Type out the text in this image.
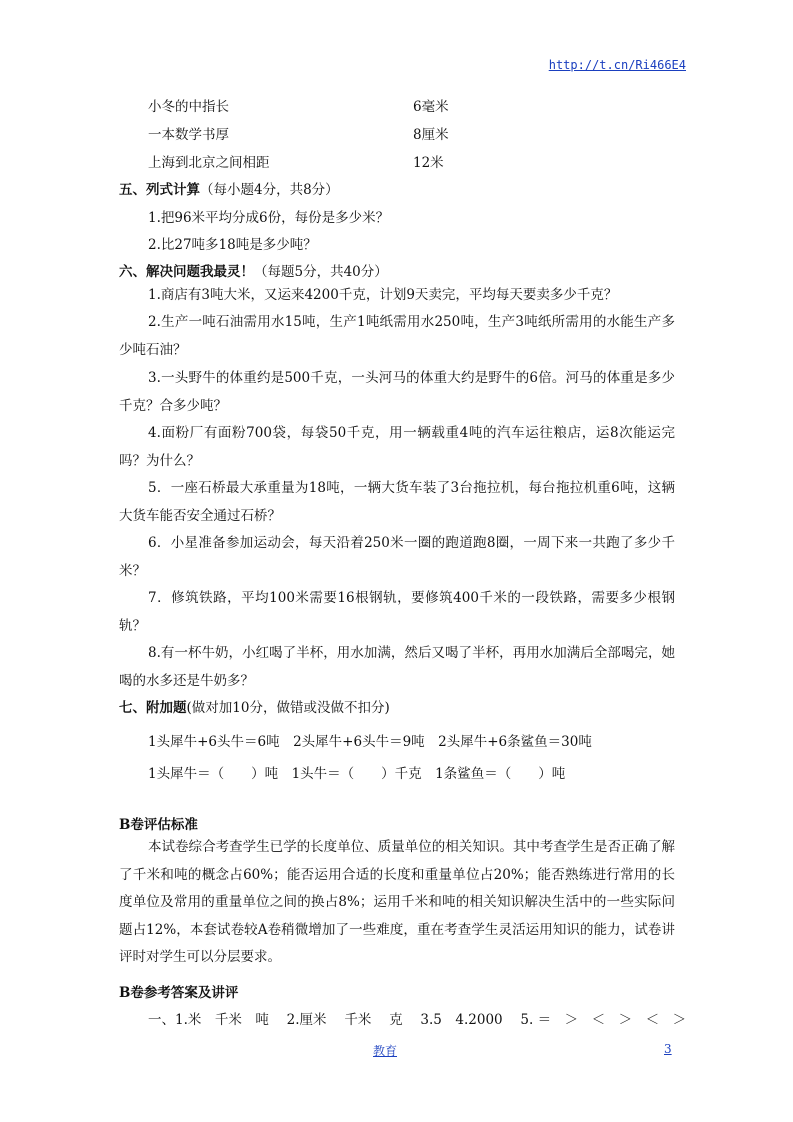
http://t.cn/Ri466E4
小冬的中指长	6毫米
一本数学书厚	8厘米
上海到北京之间相距	12米
五、列式计算（每小题4分，共8分）
1.把96米平均分成6份，每份是多少米？
2.比27吨多18吨是多少吨？
六、解决问题我最灵！（每题5分，共40分）
1.商店有3吨大米，又运来4200千克，计划9天卖完，平均每天要卖多少千克？
2.生产一吨石油需用水15吨，生产1吨纸需用水250吨，生产3吨纸所需用的水能生产多少吨石油？
3.一头野牛的体重约是500千克，一头河马的体重大约是野牛的6倍。河马的体重是多少千克？合多少吨？
4.面粉厂有面粉700袋，每袋50千克，用一辆载重4吨的汽车运往粮店，运8次能运完吗？为什么？
5．一座石桥最大承重量为18吨，一辆大货车装了3台拖拉机，每台拖拉机重6吨，这辆大货车能否安全通过石桥？
6．小星准备参加运动会，每天沿着250米一圈的跑道跑8圈，一周下来一共跑了多少千米？
7．修筑铁路，平均100米需要16根钢轨，要修筑400千米的一段铁路，需要多少根钢轨？
8.有一杯牛奶，小红喝了半杯，用水加满，然后又喝了半杯，再用水加满后全部喝完，她喝的水多还是牛奶多？
七、附加题(做对加10分，做错或没做不扣分)
1头犀牛+6头牛＝6吨　2头犀牛+6头牛＝9吨　2头犀牛+6条鲨鱼＝30吨
1头犀牛＝（　　）吨　1头牛＝（　　）千克　1条鲨鱼＝（　　）吨
B卷评估标准
本试卷综合考查学生已学的长度单位、质量单位的相关知识。其中考查学生是否正确了解了千米和吨的概念占60%；能否运用合适的长度和重量单位占20%；能否熟练进行常用的长度单位及常用的重量单位之间的换占8%；运用千米和吨的相关知识解决生活中的一些实际问题占12%，本套试卷较A卷稍微增加了一些难度，重在考查学生灵活运用知识的能力，试卷讲评时对学生可以分层要求。
B卷参考答案及讲评
一、1.米　千米　吨　 2.厘米　 千米　 克　 3.5　4.2000　 5. ＝　＞　＜　＞　＜　＞
教育	3
